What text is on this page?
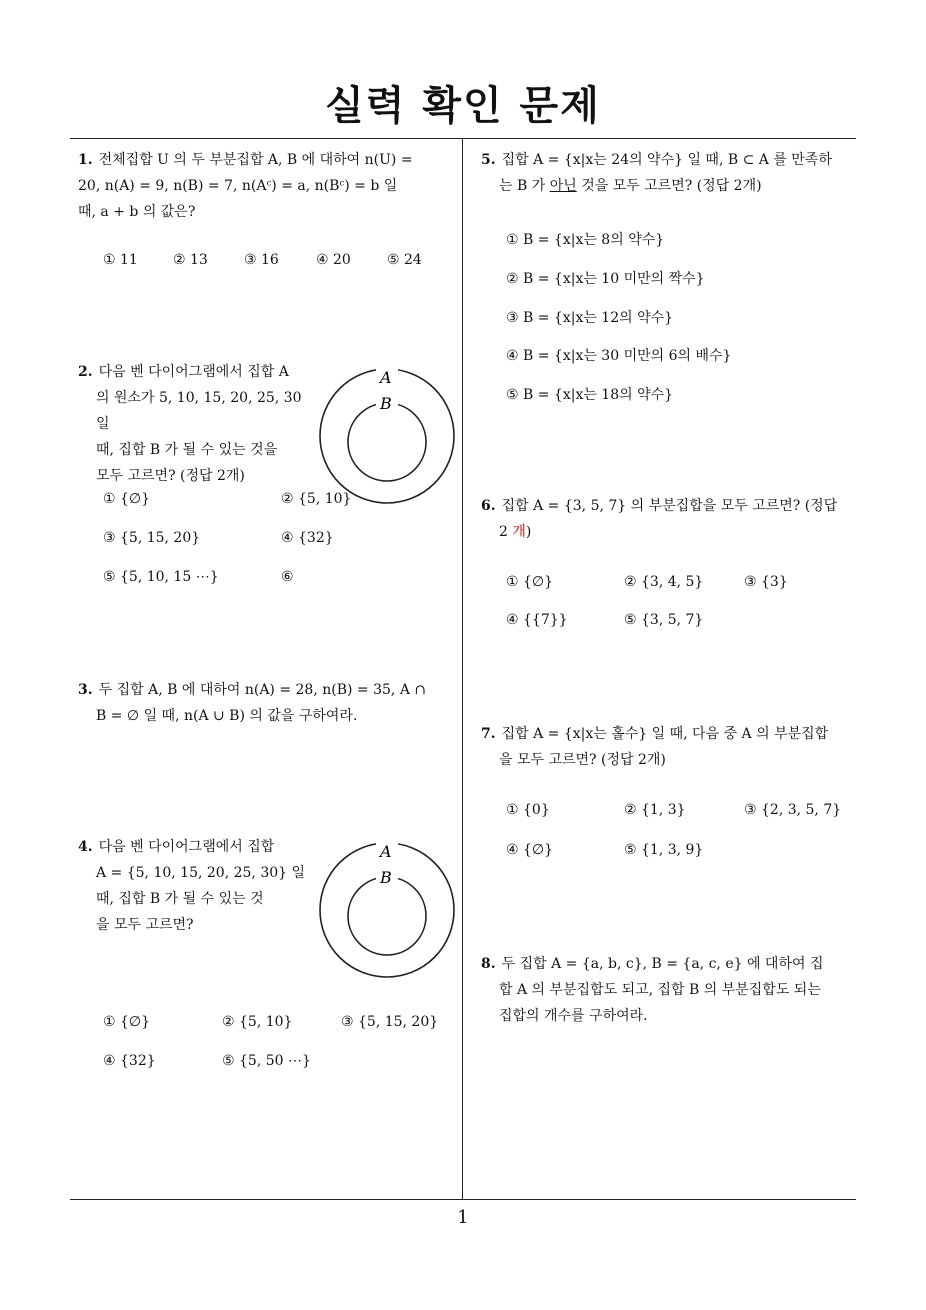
실력 확인 문제
1. 전체집합 U 의 두 부분집합 A, B 에 대하여 n(U) =
20, n(A) = 9, n(B) = 7, n(Aᶜ) = a, n(Bᶜ) = b 일
때, a + b 의 값은?
① 11	② 13	③ 16	④ 20	⑤ 24
2. 다음 벤 다이어그램에서 집합 A
의 원소가 5, 10, 15, 20, 25, 30 일
때, 집합 B 가 될 수 있는 것을
모두 고르면? (정답 2개)
A
B
① {∅}	② {5, 10}
③ {5, 15, 20}	④ {32}
⑤ {5, 10, 15 ⋯}	⑥
3. 두 집합 A, B 에 대하여 n(A) = 28, n(B) = 35, A ∩
B = ∅ 일 때, n(A ∪ B) 의 값을 구하여라.
4. 다음 벤 다이어그램에서 집합
A = {5, 10, 15, 20, 25, 30} 일
때, 집합 B 가 될 수 있는 것
을 모두 고르면?
A
B
① {∅}	② {5, 10}	③ {5, 15, 20}
④ {32}	⑤ {5, 50 ⋯}
5. 집합 A = {x|x는 24의 약수} 일 때, B ⊂ A 를 만족하
는 B 가 아닌 것을 모두 고르면? (정답 2개)
① B = {x|x는 8의 약수}
② B = {x|x는 10 미만의 짝수}
③ B = {x|x는 12의 약수}
④ B = {x|x는 30 미만의 6의 배수}
⑤ B = {x|x는 18의 약수}
6. 집합 A = {3, 5, 7} 의 부분집합을 모두 고르면? (정답
2 개)
① {∅}	② {3, 4, 5}	③ {3}
④ {{7}}	⑤ {3, 5, 7}
7. 집합 A = {x|x는 홀수} 일 때, 다음 중 A 의 부분집합
을 모두 고르면? (정답 2개)
① {0}	② {1, 3}	③ {2, 3, 5, 7}
④ {∅}	⑤ {1, 3, 9}
8. 두 집합 A = {a, b, c}, B = {a, c, e} 에 대하여 집
합 A 의 부분집합도 되고, 집합 B 의 부분집합도 되는
집합의 개수를 구하여라.
1
